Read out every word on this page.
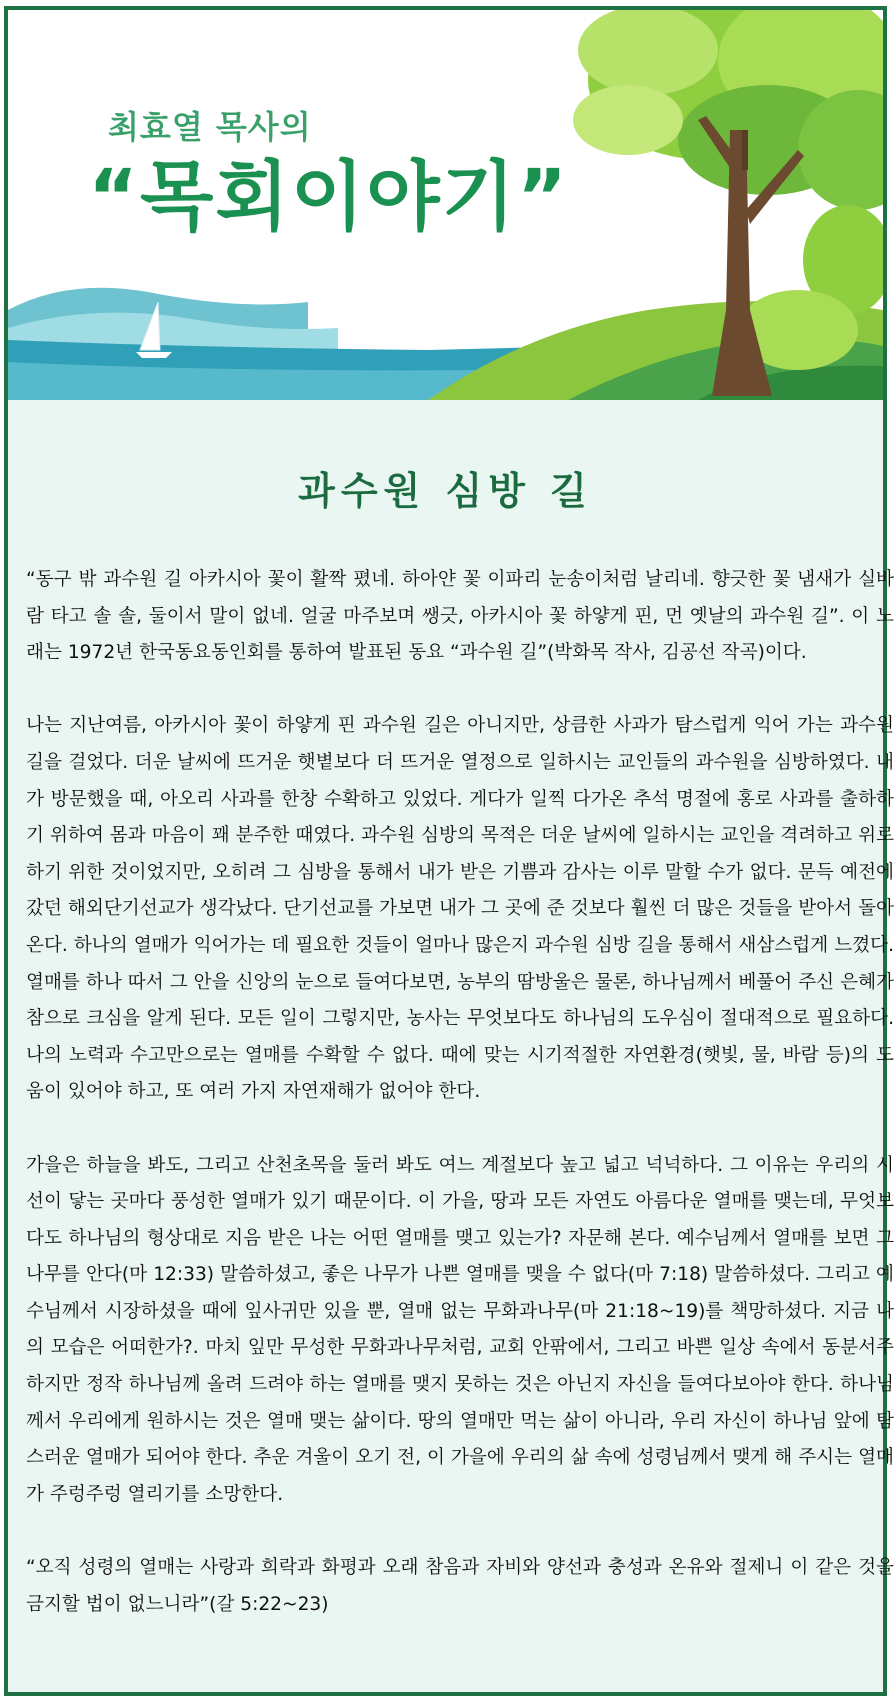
최효열 목사의
“목회이야기”
과수원 심방 길

“동구 밖 과수원 길 아카시아 꽃이 활짝 폈네. 하아얀 꽃 이파리 눈송이처럼 날리네. 향긋한 꽃 냄새가 실바람 타고 솔 솔, 둘이서 말이 없네. 얼굴 마주보며 쌩긋, 아카시아 꽃 하얗게 핀, 먼 옛날의 과수원 길”. 이 노래는 1972년 한국동요동인회를 통하여 발표된 동요 “과수원 길”(박화목 작사, 김공선 작곡)이다.

나는 지난여름, 아카시아 꽃이 하얗게 핀 과수원 길은 아니지만, 상큼한 사과가 탐스럽게 익어 가는 과수원 길을 걸었다. 더운 날씨에 뜨거운 햇볕보다 더 뜨거운 열정으로 일하시는 교인들의 과수원을 심방하였다. 내가 방문했을 때, 아오리 사과를 한창 수확하고 있었다. 게다가 일찍 다가온 추석 명절에 홍로 사과를 출하하기 위하여 몸과 마음이 꽤 분주한 때였다. 과수원 심방의 목적은 더운 날씨에 일하시는 교인을 격려하고 위로하기 위한 것이었지만, 오히려 그 심방을 통해서 내가 받은 기쁨과 감사는 이루 말할 수가 없다. 문득 예전에 갔던 해외단기선교가 생각났다. 단기선교를 가보면 내가 그 곳에 준 것보다 훨씬 더 많은 것들을 받아서 돌아온다. 하나의 열매가 익어가는 데 필요한 것들이 얼마나 많은지 과수원 심방 길을 통해서 새삼스럽게 느꼈다. 열매를 하나 따서 그 안을 신앙의 눈으로 들여다보면, 농부의 땀방울은 물론, 하나님께서 베풀어 주신 은혜가 참으로 크심을 알게 된다. 모든 일이 그렇지만, 농사는 무엇보다도 하나님의 도우심이 절대적으로 필요하다. 나의 노력과 수고만으로는 열매를 수확할 수 없다. 때에 맞는 시기적절한 자연환경(햇빛, 물, 바람 등)의 도움이 있어야 하고, 또 여러 가지 자연재해가 없어야 한다.

가을은 하늘을 봐도, 그리고 산천초목을 둘러 봐도 여느 계절보다 높고 넓고 넉넉하다. 그 이유는 우리의 시선이 닿는 곳마다 풍성한 열매가 있기 때문이다. 이 가을, 땅과 모든 자연도 아름다운 열매를 맺는데, 무엇보다도 하나님의 형상대로 지음 받은 나는 어떤 열매를 맺고 있는가? 자문해 본다. 예수님께서 열매를 보면 그 나무를 안다(마 12:33) 말씀하셨고, 좋은 나무가 나쁜 열매를 맺을 수 없다(마 7:18) 말씀하셨다. 그리고 예수님께서 시장하셨을 때에 잎사귀만 있을 뿐, 열매 없는 무화과나무(마 21:18~19)를 책망하셨다. 지금 나의 모습은 어떠한가?. 마치 잎만 무성한 무화과나무처럼, 교회 안팎에서, 그리고 바쁜 일상 속에서 동분서주하지만 정작 하나님께 올려 드려야 하는 열매를 맺지 못하는 것은 아닌지 자신을 들여다보아야 한다. 하나님께서 우리에게 원하시는 것은 열매 맺는 삶이다. 땅의 열매만 먹는 삶이 아니라, 우리 자신이 하나님 앞에 탐스러운 열매가 되어야 한다. 추운 겨울이 오기 전, 이 가을에 우리의 삶 속에 성령님께서 맺게 해 주시는 열매가 주렁주렁 열리기를 소망한다.

“오직 성령의 열매는 사랑과 희락과 화평과 오래 참음과 자비와 양선과 충성과 온유와 절제니 이 같은 것을 금지할 법이 없느니라”(갈 5:22~23)
